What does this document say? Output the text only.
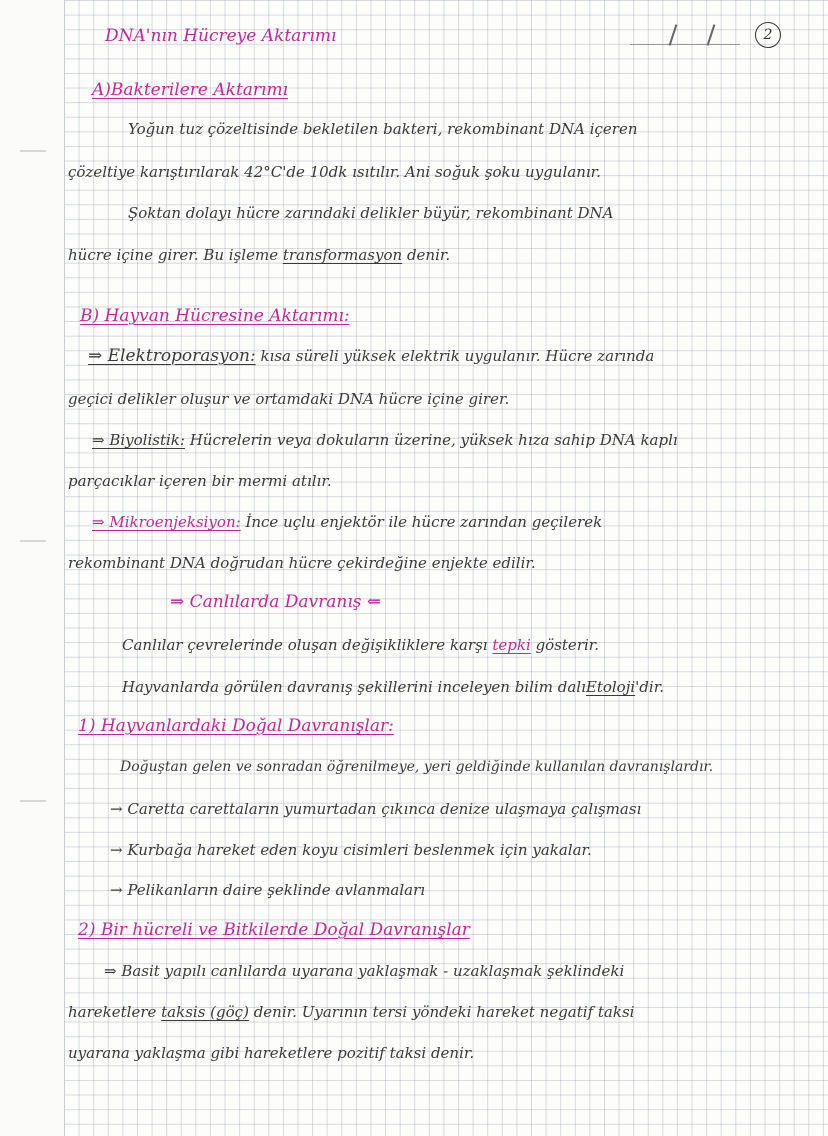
2
DNA'nın Hücreye Aktarımı
A)Bakterilere Aktarımı
Yoğun tuz çözeltisinde bekletilen bakteri, rekombinant DNA içeren
çözeltiye karıştırılarak 42°C'de 10dk ısıtılır. Ani soğuk şoku uygulanır.
Şoktan dolayı hücre zarındaki delikler büyür, rekombinant DNA
hücre içine girer. Bu işleme transformasyon denir.
B) Hayvan Hücresine Aktarımı:
⇒ Elektroporasyon: kısa süreli yüksek elektrik uygulanır. Hücre zarında
geçici delikler oluşur ve ortamdaki DNA hücre içine girer.
⇒ Biyolistik: Hücrelerin veya dokuların üzerine, yüksek hıza sahip DNA kaplı
parçacıklar içeren bir mermi atılır.
⇒ Mikroenjeksiyon: İnce uçlu enjektör ile hücre zarından geçilerek
rekombinant DNA doğrudan hücre çekirdeğine enjekte edilir.
⇒ Canlılarda Davranış ⇐
Canlılar çevrelerinde oluşan değişikliklere karşı tepki gösterir.
Hayvanlarda görülen davranış şekillerini inceleyen bilim dalıEtoloji'dir.
1) Hayvanlardaki Doğal Davranışlar:
Doğuştan gelen ve sonradan öğrenilmeye, yeri geldiğinde kullanılan davranışlardır.
→ Caretta carettaların yumurtadan çıkınca denize ulaşmaya çalışması
→ Kurbağa hareket eden koyu cisimleri beslenmek için yakalar.
→ Pelikanların daire şeklinde avlanmaları
2) Bir hücreli ve Bitkilerde Doğal Davranışlar
⇒ Basit yapılı canlılarda uyarana yaklaşmak - uzaklaşmak şeklindeki
hareketlere taksis (göç) denir. Uyarının tersi yöndeki hareket negatif taksi
uyarana yaklaşma gibi hareketlere pozitif taksi denir.
